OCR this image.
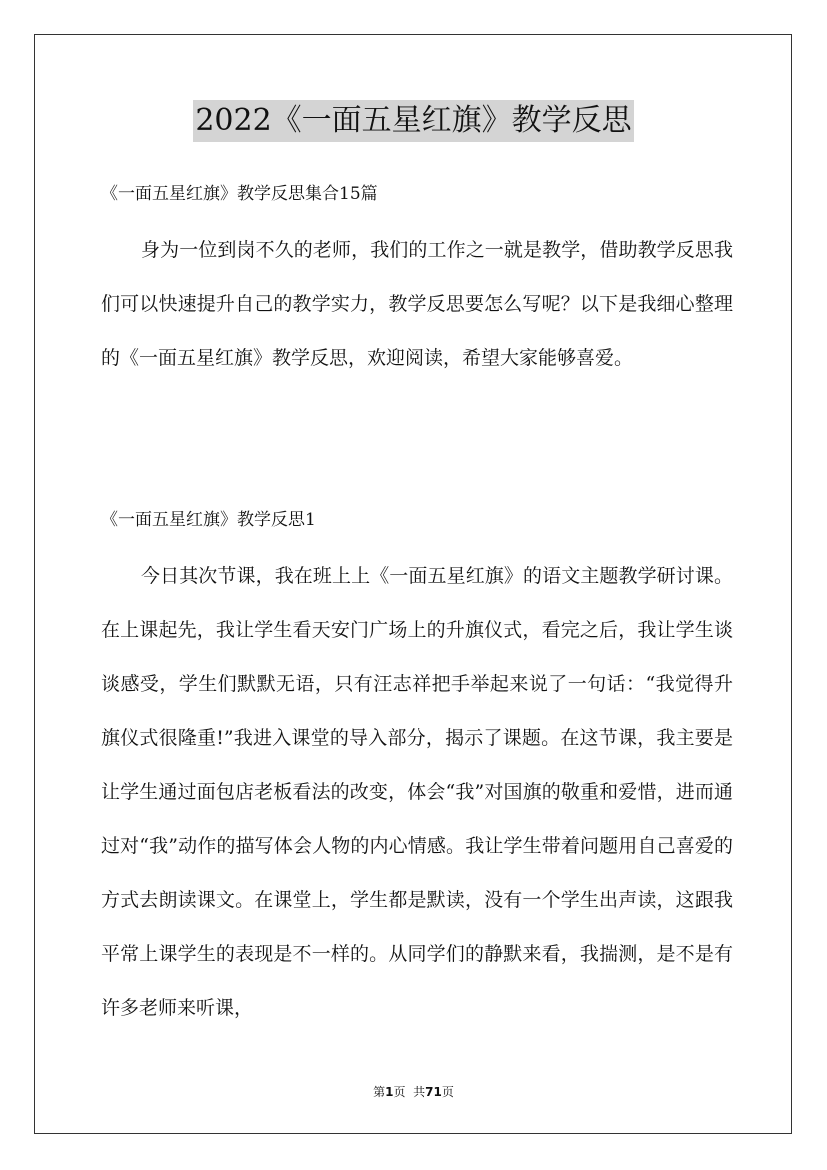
2022《一面五星红旗》教学反思
《一面五星红旗》教学反思集合15篇
身为一位到岗不久的老师，我们的工作之一就是教学，借助教学反思我们可以快速提升自己的教学实力，教学反思要怎么写呢？以下是我细心整理的《一面五星红旗》教学反思，欢迎阅读，希望大家能够喜爱。
《一面五星红旗》教学反思1
今日其次节课，我在班上上《一面五星红旗》的语文主题教学研讨课。在上课起先，我让学生看天安门广场上的升旗仪式，看完之后，我让学生谈谈感受，学生们默默无语，只有汪志祥把手举起来说了一句话：“我觉得升旗仪式很隆重!”我进入课堂的导入部分，揭示了课题。在这节课，我主要是让学生通过面包店老板看法的改变，体会“我”对国旗的敬重和爱惜，进而通过对“我”动作的描写体会人物的内心情感。我让学生带着问题用自己喜爱的方式去朗读课文。在课堂上，学生都是默读，没有一个学生出声读，这跟我平常上课学生的表现是不一样的。从同学们的静默来看，我揣测，是不是有许多老师来听课，
第1页 共71页
